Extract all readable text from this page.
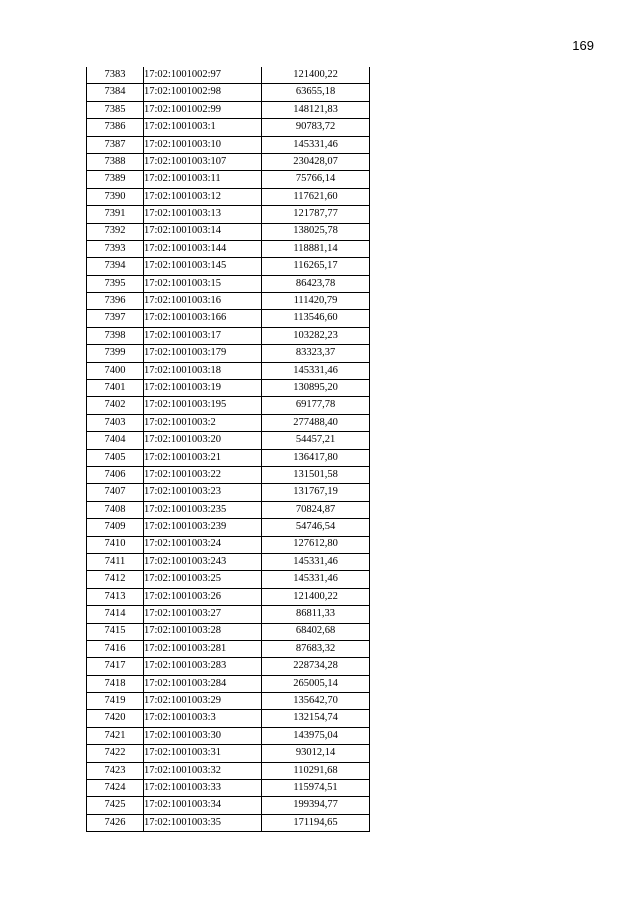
169
7383	17:02:1001002:97	121400,22
7384	17:02:1001002:98	63655,18
7385	17:02:1001002:99	148121,83
7386	17:02:1001003:1	90783,72
7387	17:02:1001003:10	145331,46
7388	17:02:1001003:107	230428,07
7389	17:02:1001003:11	75766,14
7390	17:02:1001003:12	117621,60
7391	17:02:1001003:13	121787,77
7392	17:02:1001003:14	138025,78
7393	17:02:1001003:144	118881,14
7394	17:02:1001003:145	116265,17
7395	17:02:1001003:15	86423,78
7396	17:02:1001003:16	111420,79
7397	17:02:1001003:166	113546,60
7398	17:02:1001003:17	103282,23
7399	17:02:1001003:179	83323,37
7400	17:02:1001003:18	145331,46
7401	17:02:1001003:19	130895,20
7402	17:02:1001003:195	69177,78
7403	17:02:1001003:2	277488,40
7404	17:02:1001003:20	54457,21
7405	17:02:1001003:21	136417,80
7406	17:02:1001003:22	131501,58
7407	17:02:1001003:23	131767,19
7408	17:02:1001003:235	70824,87
7409	17:02:1001003:239	54746,54
7410	17:02:1001003:24	127612,80
7411	17:02:1001003:243	145331,46
7412	17:02:1001003:25	145331,46
7413	17:02:1001003:26	121400,22
7414	17:02:1001003:27	86811,33
7415	17:02:1001003:28	68402,68
7416	17:02:1001003:281	87683,32
7417	17:02:1001003:283	228734,28
7418	17:02:1001003:284	265005,14
7419	17:02:1001003:29	135642,70
7420	17:02:1001003:3	132154,74
7421	17:02:1001003:30	143975,04
7422	17:02:1001003:31	93012,14
7423	17:02:1001003:32	110291,68
7424	17:02:1001003:33	115974,51
7425	17:02:1001003:34	199394,77
7426	17:02:1001003:35	171194,65
